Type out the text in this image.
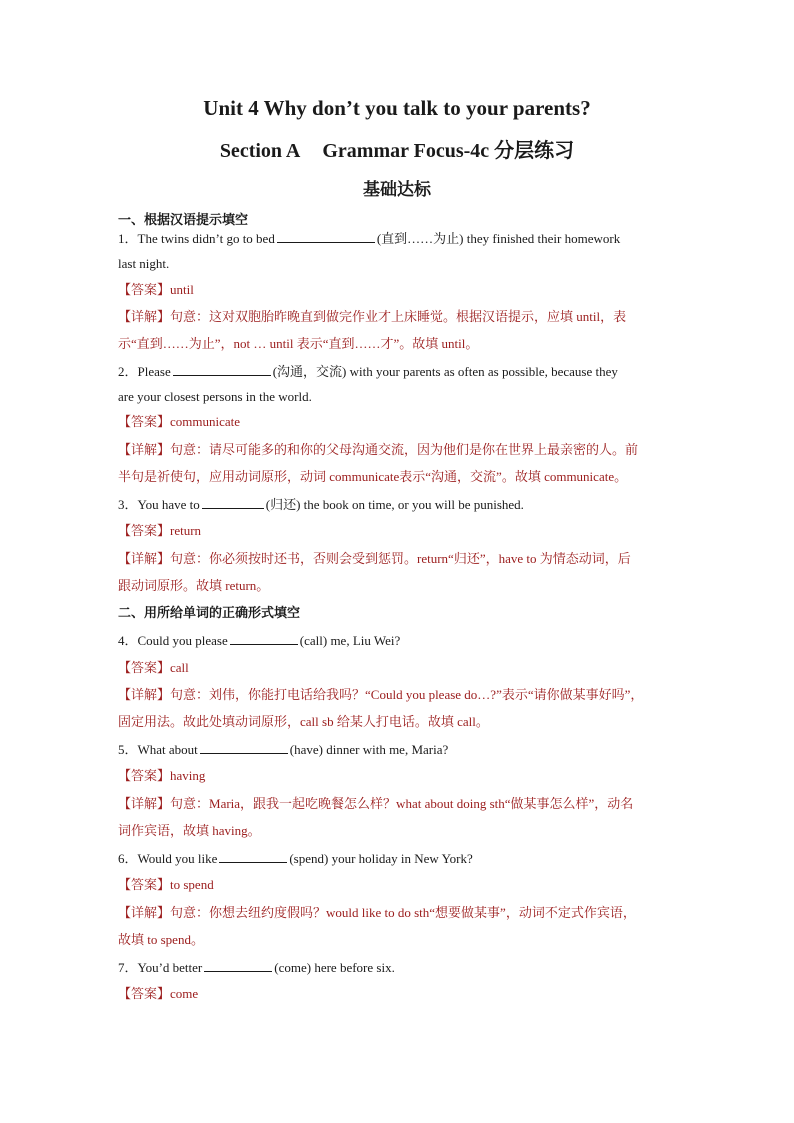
Unit 4 Why don’t you talk to your parents?
Section A Grammar Focus-4c 分层练习
基础达标
一、根据汉语提示填空
1．The twins didn’t go to bed	(直到……为止) they finished their homework
last night.
【答案】until
【详解】句意：这对双胞胎昨晚直到做完作业才上床睡觉。根据汉语提示，应填 until，表
示“直到……为止”，not … until 表示“直到……才”。故填 until。
2．Please	(沟通，交流) with your parents as often as possible, because they
are your closest persons in the world.
【答案】communicate
【详解】句意：请尽可能多的和你的父母沟通交流，因为他们是你在世界上最亲密的人。前
半句是祈使句，应用动词原形，动词 communicate表示“沟通，交流”。故填 communicate。
3．You have to	(归还) the book on time, or you will be punished.
【答案】return
【详解】句意：你必须按时还书，否则会受到惩罚。return“归还”，have to 为情态动词，后
跟动词原形。故填 return。
二、用所给单词的正确形式填空
4．Could you please	(call) me, Liu Wei?
【答案】call
【详解】句意：刘伟，你能打电话给我吗？“Could you please do…?”表示“请你做某事好吗”，
固定用法。故此处填动词原形，call sb 给某人打电话。故填 call。
5．What about	(have) dinner with me, Maria?
【答案】having
【详解】句意：Maria，跟我一起吃晚餐怎么样？what about doing sth“做某事怎么样”，动名
词作宾语，故填 having。
6．Would you like	(spend) your holiday in New York?
【答案】to spend
【详解】句意：你想去纽约度假吗？would like to do sth“想要做某事”，动词不定式作宾语，
故填 to spend。
7．You’d better	(come) here before six.
【答案】come
